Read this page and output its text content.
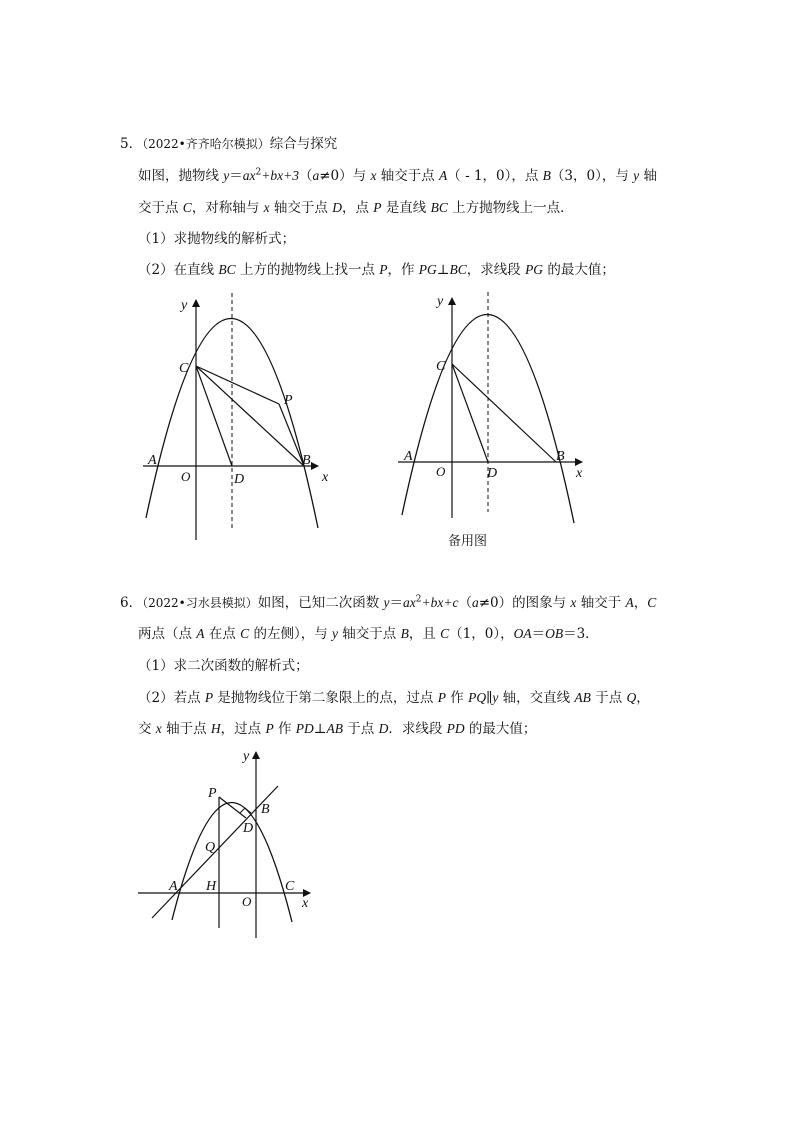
5．（2022•齐齐哈尔模拟）综合与探究
如图，抛物线 $y=ax^2+bx+3(a\ne 0)$与 x 轴交于点 A（ - 1，0），点 B（3，0），与 y 轴
交于点 C，对称轴与 x 轴交于点 D，点 P 是直线 BC 上方抛物线上一点．
（1）求抛物线的解析式；
（2）在直线 BC 上方的抛物线上找一点 P，作 PG⊥BC，求线段 PG 的最大值；
y
C
P
A
O	D
B
x
y
C
A
O	D
B
x
备用图
6．（2022•习水县模拟）如图，已知二次函数 $y=ax^2+bx+c(a\ne 0)$的图象与 x 轴交于 A，C
两点（点 A 在点 C 的左侧），与 y 轴交于点 B，且 C（1，0），OA＝OB＝3．
（1）求二次函数的解析式；
（2）若点 P 是抛物线位于第二象限上的点，过点 P 作 PQ∥y 轴，交直线 AB 于点 Q，
交 x 轴于点 H，过点 P 作 PD⊥AB 于点 D．求线段 PD 的最大值；
y
P
B
D
Q
A H	C
O	x
